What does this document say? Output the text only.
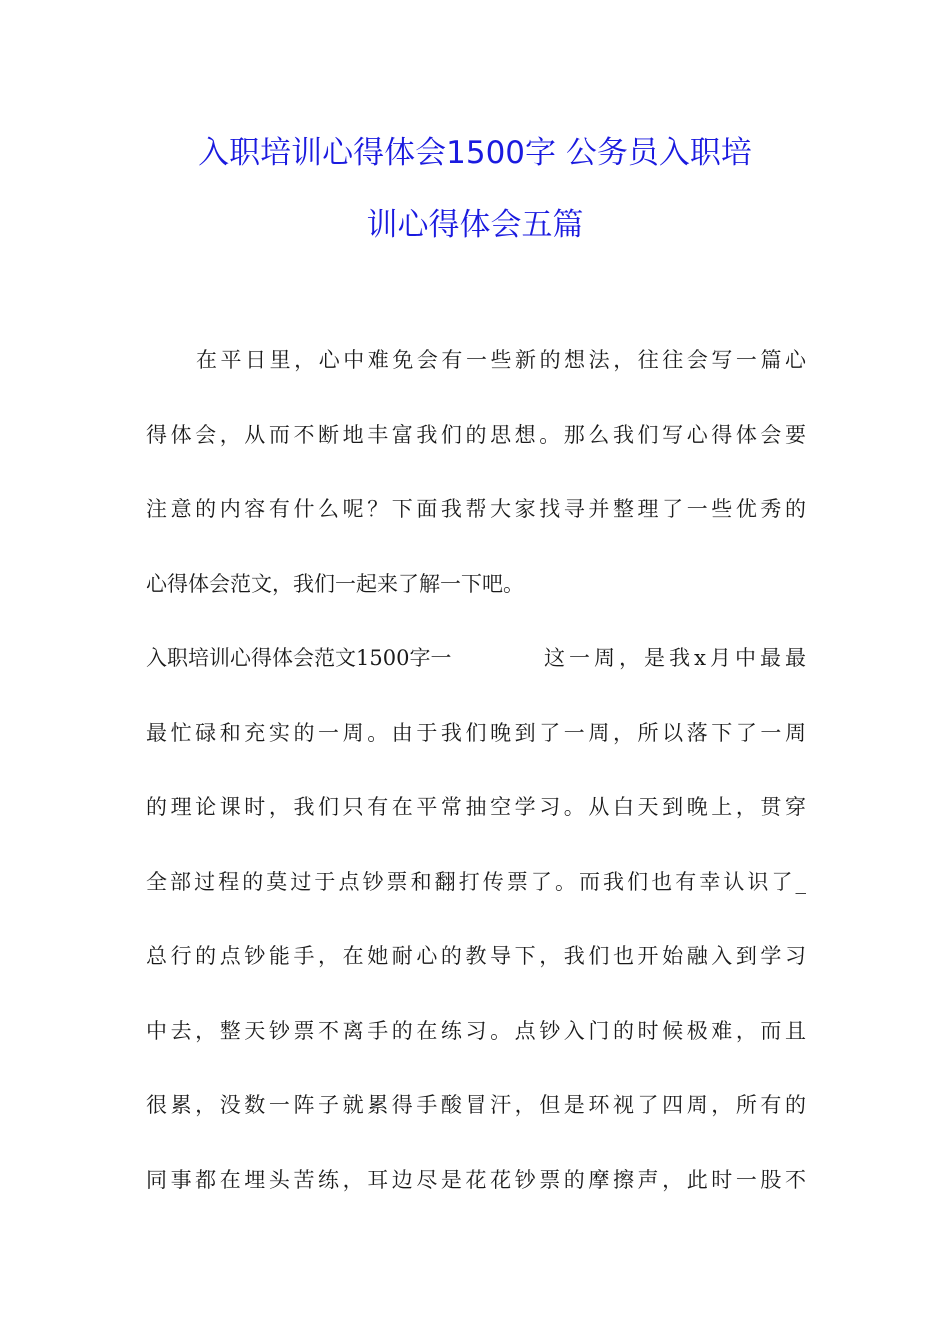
入职培训心得体会1500字 公务员入职培
训心得体会五篇
在平日里，心中难免会有一些新的想法，往往会写一篇心
得体会，从而不断地丰富我们的思想。那么我们写心得体会要
注意的内容有什么呢？下面我帮大家找寻并整理了一些优秀的
心得体会范文，我们一起来了解一下吧。
入职培训心得体会范文1500字一	这一周，是我x月中最最
最忙碌和充实的一周。由于我们晚到了一周，所以落下了一周
的理论课时，我们只有在平常抽空学习。从白天到晚上，贯穿
全部过程的莫过于点钞票和翻打传票了。而我们也有幸认识了_
总行的点钞能手，在她耐心的教导下，我们也开始融入到学习
中去，整天钞票不离手的在练习。点钞入门的时候极难，而且
很累，没数一阵子就累得手酸冒汗，但是环视了四周，所有的
同事都在埋头苦练，耳边尽是花花钞票的摩擦声，此时一股不
